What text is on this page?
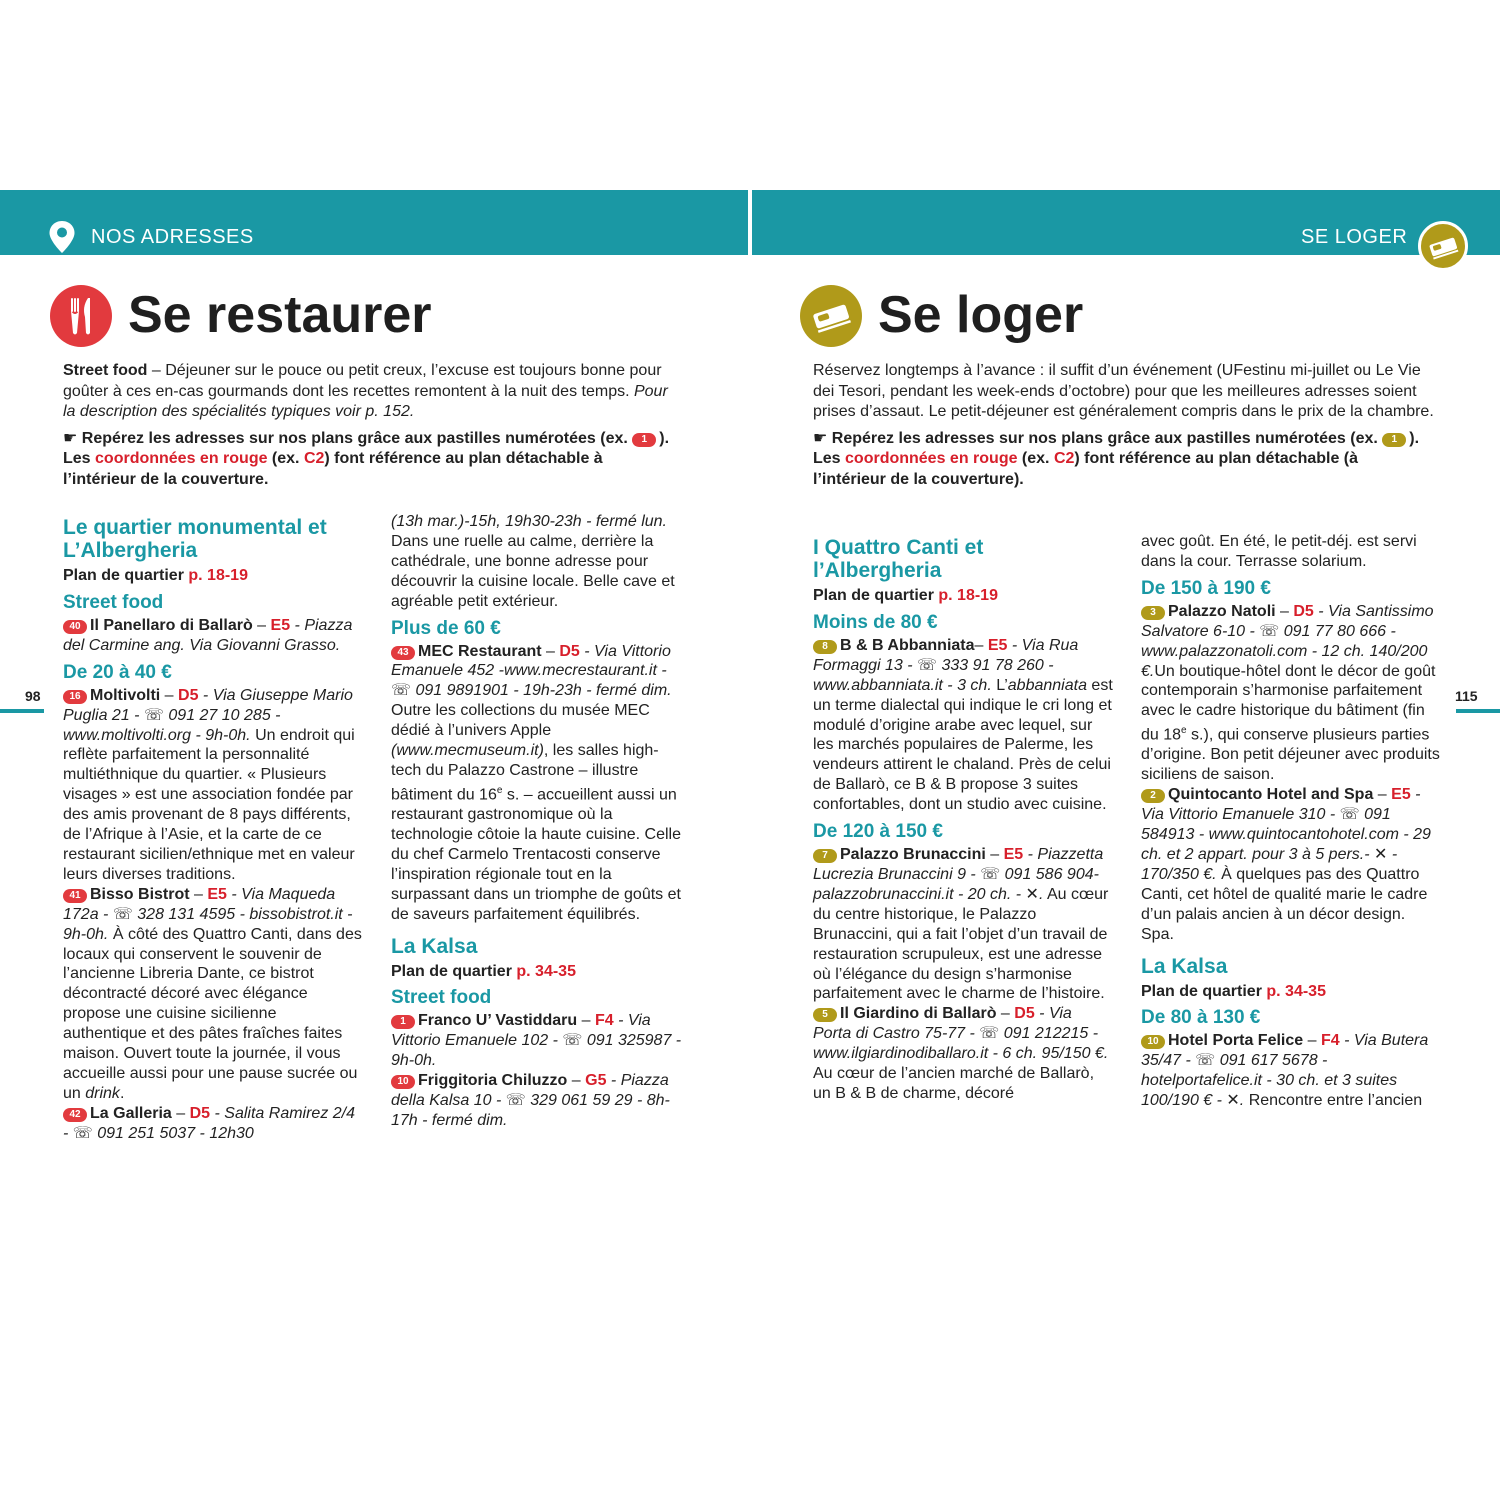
NOS ADRESSES	SE LOGER
Se restaurer	Se loger
98	115

Street food – Déjeuner sur le pouce ou petit creux, l’excuse est toujours bonne pour goûter à ces en-cas gourmands dont les recettes remontent à la nuit des temps. Pour la description des spécialités typiques voir p. 152.

☛ Repérez les adresses sur nos plans grâce aux pastilles numérotées (ex. 1 ).
Les coordonnées en rouge (ex. C2) font référence au plan détachable à l’intérieur de la couverture.

Le quartier monumental et L’Albergheria
Plan de quartier p. 18-19
Street food

40 Il Panellaro di Ballarò – E5 - Piazza del Carmine ang. Via Giovanni Grasso.

De 20 à 40 €

16 Moltivolti – D5 - Via Giuseppe Mario Puglia 21 - ☏ 091 27 10 285 - www.moltivolti.org - 9h-0h. Un endroit qui reflète parfaitement la personnalité multiéthnique du quartier. « Plusieurs visages » est une association fondée par des amis provenant de 8 pays différents, de l’Afrique à l’Asie, et la carte de ce restaurant sicilien/ethnique met en valeur leurs diverses traditions.

41 Bisso Bistrot – E5 - Via Maqueda 172a - ☏ 328 131 4595 - bissobistrot.it - 9h-0h. À côté des Quattro Canti, dans des locaux qui conservent le souvenir de l’ancienne Libreria Dante, ce bistrot décontracté décoré avec élégance propose une cuisine sicilienne authentique et des pâtes fraîches faites maison. Ouvert toute la journée, il vous accueille aussi pour une pause sucrée ou un drink.

42 La Galleria – D5 - Salita Ramirez 2/4 - ☏ 091 251 5037 - 12h30

(13h mar.)-15h, 19h30-23h - fermé lun. Dans une ruelle au calme, derrière la cathédrale, une bonne adresse pour découvrir la cuisine locale. Belle cave et agréable petit extérieur.

Plus de 60 €

43 MEC Restaurant – D5 - Via Vittorio Emanuele 452 -www.mecrestaurant.it - ☏ 091 9891901 - 19h-23h - fermé dim. Outre les collections du musée MEC dédié à l’univers Apple (www.mecmuseum.it), les salles high-tech du Palazzo Castrone – illustre bâtiment du 16e s. – accueillent aussi un restaurant gastronomique où la technologie côtoie la haute cuisine. Celle du chef Carmelo Trentacosti conserve l’inspiration régionale tout en la surpassant dans un triomphe de goûts et de saveurs parfaitement équilibrés.

La Kalsa
Plan de quartier p. 34-35
Street food

1 Franco U’ Vastiddaru – F4 - Via Vittorio Emanuele 102 - ☏ 091 325987 - 9h-0h.

10 Friggitoria Chiluzzo – G5 - Piazza della Kalsa 10 - ☏ 329 061 59 29 - 8h-17h - fermé dim.

Réservez longtemps à l’avance : il suffit d’un événement (UFestinu mi-juillet ou Le Vie dei Tesori, pendant les week-ends d’octobre) pour que les meilleures adresses soient prises d’assaut. Le petit-déjeuner est généralement compris dans le prix de la chambre.

☛ Repérez les adresses sur nos plans grâce aux pastilles numérotées (ex. 1 ).
Les coordonnées en rouge (ex. C2) font référence au plan détachable (à l’intérieur de la couverture).

I Quattro Canti et l’Albergheria
Plan de quartier p. 18-19
Moins de 80 €

8 B & B Abbanniata– E5 - Via Rua Formaggi 13 - ☏ 333 91 78 260 - www.abbanniata.it - 3 ch. L’abbanniata est un terme dialectal qui indique le cri long et modulé d’origine arabe avec lequel, sur les marchés populaires de Palerme, les vendeurs attirent le chaland. Près de celui de Ballarò, ce B & B propose 3 suites confortables, dont un studio avec cuisine.

De 120 à 150 €

7 Palazzo Brunaccini – E5 - Piazzetta Lucrezia Brunaccini 9 - ☏ 091 586 904- palazzobrunaccini.it - 20 ch. - ✕. Au cœur du centre historique, le Palazzo Brunaccini, qui a fait l’objet d’un travail de restauration scrupuleux, est une adresse où l’élégance du design s’harmonise parfaitement avec le charme de l’histoire.

5 Il Giardino di Ballarò – D5 - Via Porta di Castro 75-77 - ☏ 091 212215 - www.ilgiardinodiballaro.it - 6 ch. 95/150 €. Au cœur de l’ancien marché de Ballarò, un B & B de charme, décoré

avec goût. En été, le petit-déj. est servi dans la cour. Terrasse solarium.

De 150 à 190 €

3 Palazzo Natoli – D5 - Via Santissimo Salvatore 6-10 - ☏ 091 77 80 666 - www.palazzonatoli.com - 12 ch. 140/200 €.Un boutique-hôtel dont le décor de goût contemporain s’harmonise parfaitement avec le cadre historique du bâtiment (fin du 18e s.), qui conserve plusieurs parties d’origine. Bon petit déjeuner avec produits siciliens de saison.

2 Quintocanto Hotel and Spa – E5 - Via Vittorio Emanuele 310 - ☏ 091 584913 - www.quintocantohotel.com - 29 ch. et 2 appart. pour 3 à 5 pers.- ✕ - 170/350 €. À quelques pas des Quattro Canti, cet hôtel de qualité marie le cadre d’un palais ancien à un décor design. Spa.

La Kalsa
Plan de quartier p. 34-35
De 80 à 130 €

10 Hotel Porta Felice – F4 - Via Butera 35/47 - ☏ 091 617 5678 - hotelportafelice.it - 30 ch. et 3 suites 100/190 € - ✕. Rencontre entre l’ancien
